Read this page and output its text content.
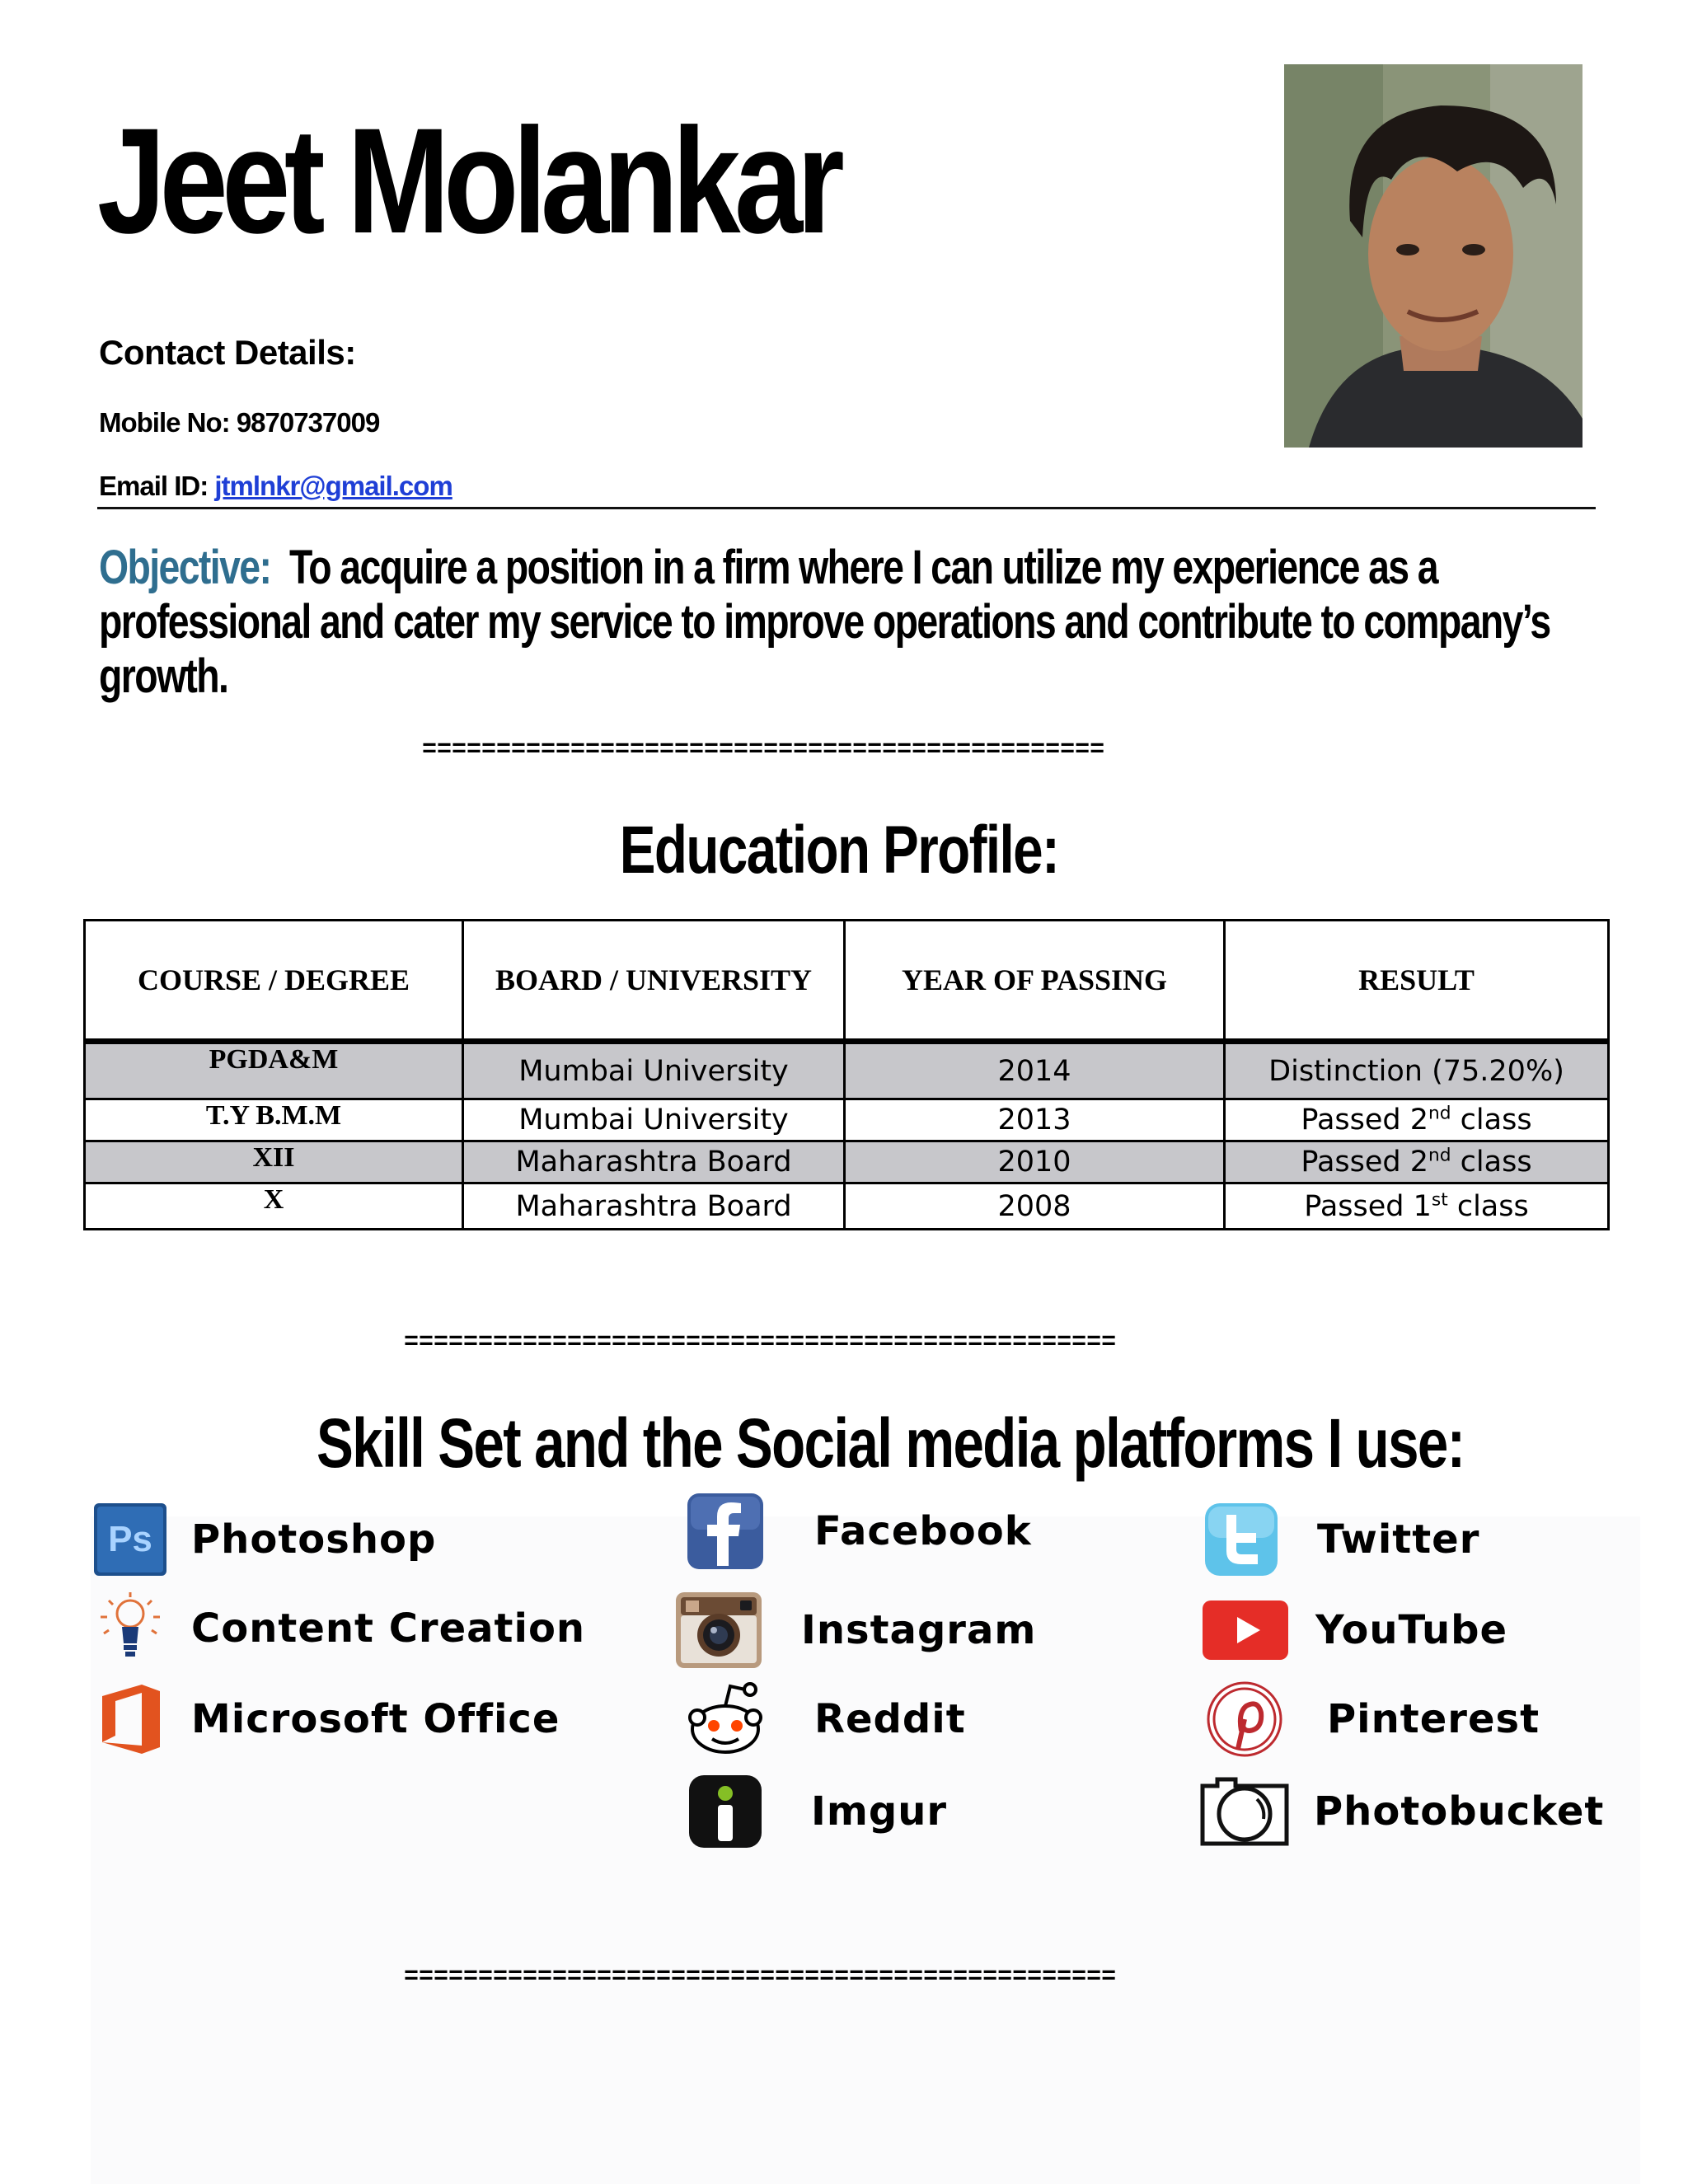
Jeet Molankar
Contact Details:
Mobile No: 9870737009
Email ID: jtmlnkr@gmail.com
Objective: To acquire a position in a firm where I can utilize my experience as a professional and cater my service to improve operations and contribute to company’s growth.
==============================================
Education Profile:
COURSE / DEGREE	BOARD / UNIVERSITY	YEAR OF PASSING	RESULT
PGDA&M	Mumbai University	2014	Distinction (75.20%)
T.Y B.M.M	Mumbai University	2013	Passed 2nd class
XII	Maharashtra Board	2010	Passed 2nd class
X	Maharashtra Board	2008	Passed 1st class
================================================
Skill Set and the Social media platforms I use:
Ps Photoshop
Content Creation
Microsoft Office
Facebook
Instagram
Reddit
Imgur
Twitter
YouTube
Pinterest
Photobucket
================================================
